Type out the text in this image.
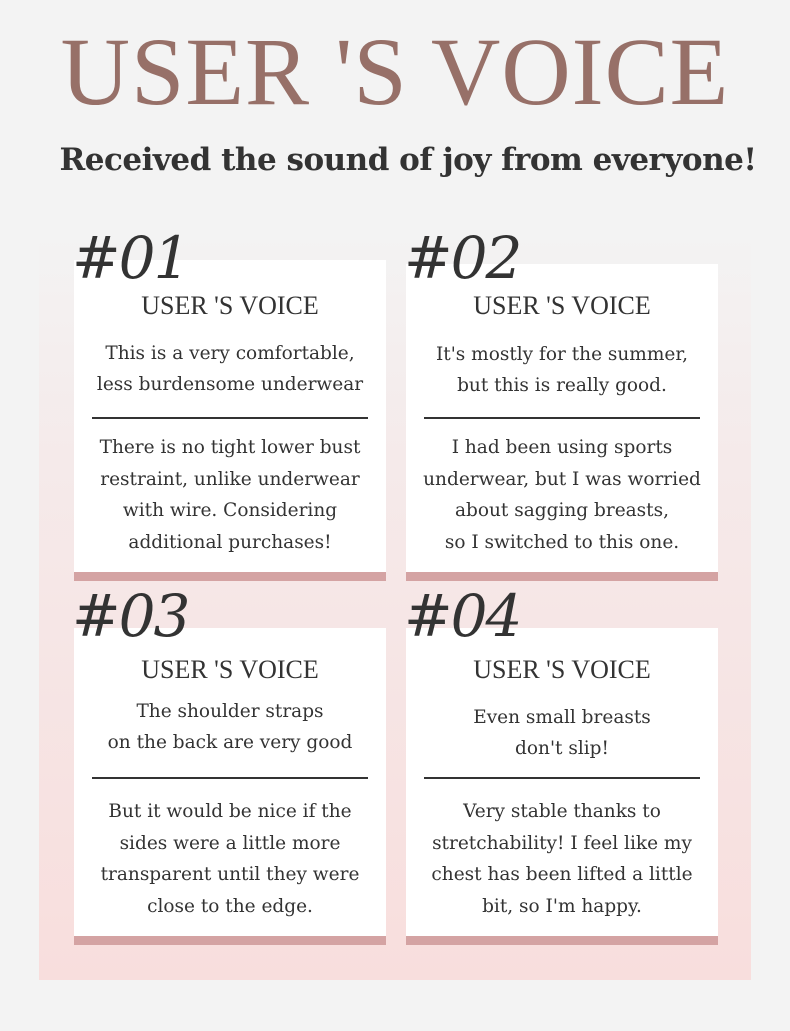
USER 'S VOICE
Received the sound of joy from everyone!
USER 'S VOICE
This is a very comfortable,
less burdensome underwear
There is no tight lower bust
restraint, unlike underwear
with wire. Considering
additional purchases!
#01
USER 'S VOICE
It's mostly for the summer,
but this is really good.
I had been using sports
underwear, but I was worried
about sagging breasts,
so I switched to this one.
#02
USER 'S VOICE
The shoulder straps
on the back are very good
But it would be nice if the
sides were a little more
transparent until they were
close to the edge.
#03
USER 'S VOICE
Even small breasts
don't slip!
Very stable thanks to
stretchability! I feel like my
chest has been lifted a little
bit, so I'm happy.
#04
